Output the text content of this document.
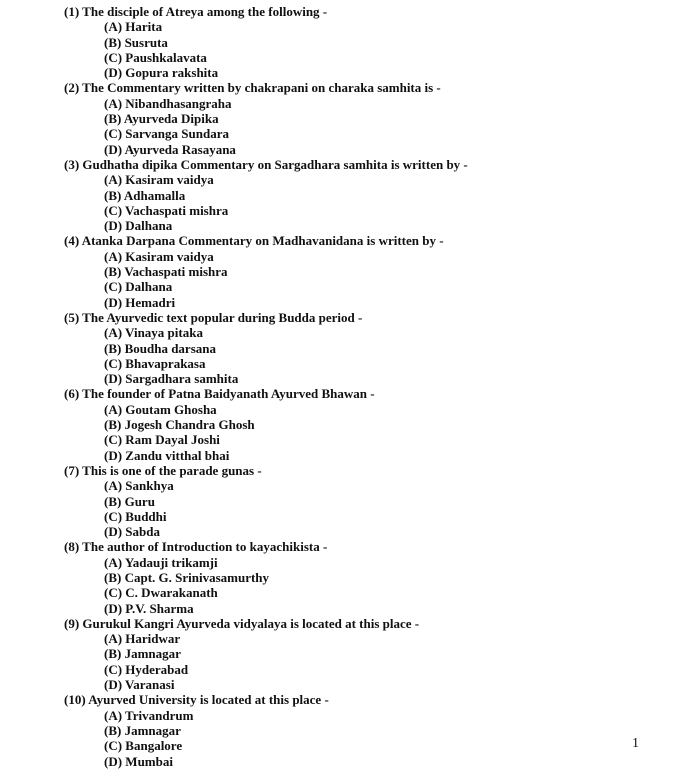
(1) The disciple of Atreya among the following -
(A) Harita
(B) Susruta
(C) Paushkalavata
(D) Gopura rakshita
(2) The Commentary written by chakrapani on charaka samhita is -
(A) Nibandhasangraha
(B) Ayurveda Dipika
(C) Sarvanga Sundara
(D) Ayurveda Rasayana
(3) Gudhatha dipika Commentary on Sargadhara samhita is written by -
(A) Kasiram vaidya
(B) Adhamalla
(C) Vachaspati mishra
(D) Dalhana
(4) Atanka Darpana Commentary on Madhavanidana is written by -
(A) Kasiram vaidya
(B) Vachaspati mishra
(C) Dalhana
(D) Hemadri
(5) The Ayurvedic text popular during Budda period -
(A) Vinaya pitaka
(B) Boudha darsana
(C) Bhavaprakasa
(D) Sargadhara samhita
(6) The founder of Patna Baidyanath Ayurved Bhawan -
(A) Goutam Ghosha
(B) Jogesh Chandra Ghosh
(C) Ram Dayal Joshi
(D) Zandu vitthal bhai
(7) This is one of the parade gunas -
(A) Sankhya
(B) Guru
(C) Buddhi
(D) Sabda
(8) The author of Introduction to kayachikista -
(A) Yadauji trikamji
(B) Capt. G. Srinivasamurthy
(C) C. Dwarakanath
(D) P.V. Sharma
(9) Gurukul Kangri Ayurveda vidyalaya is located at this place -
(A) Haridwar
(B) Jamnagar
(C) Hyderabad
(D) Varanasi
(10) Ayurved University is located at this place -
(A) Trivandrum
(B) Jamnagar
(C) Bangalore
(D) Mumbai
1
